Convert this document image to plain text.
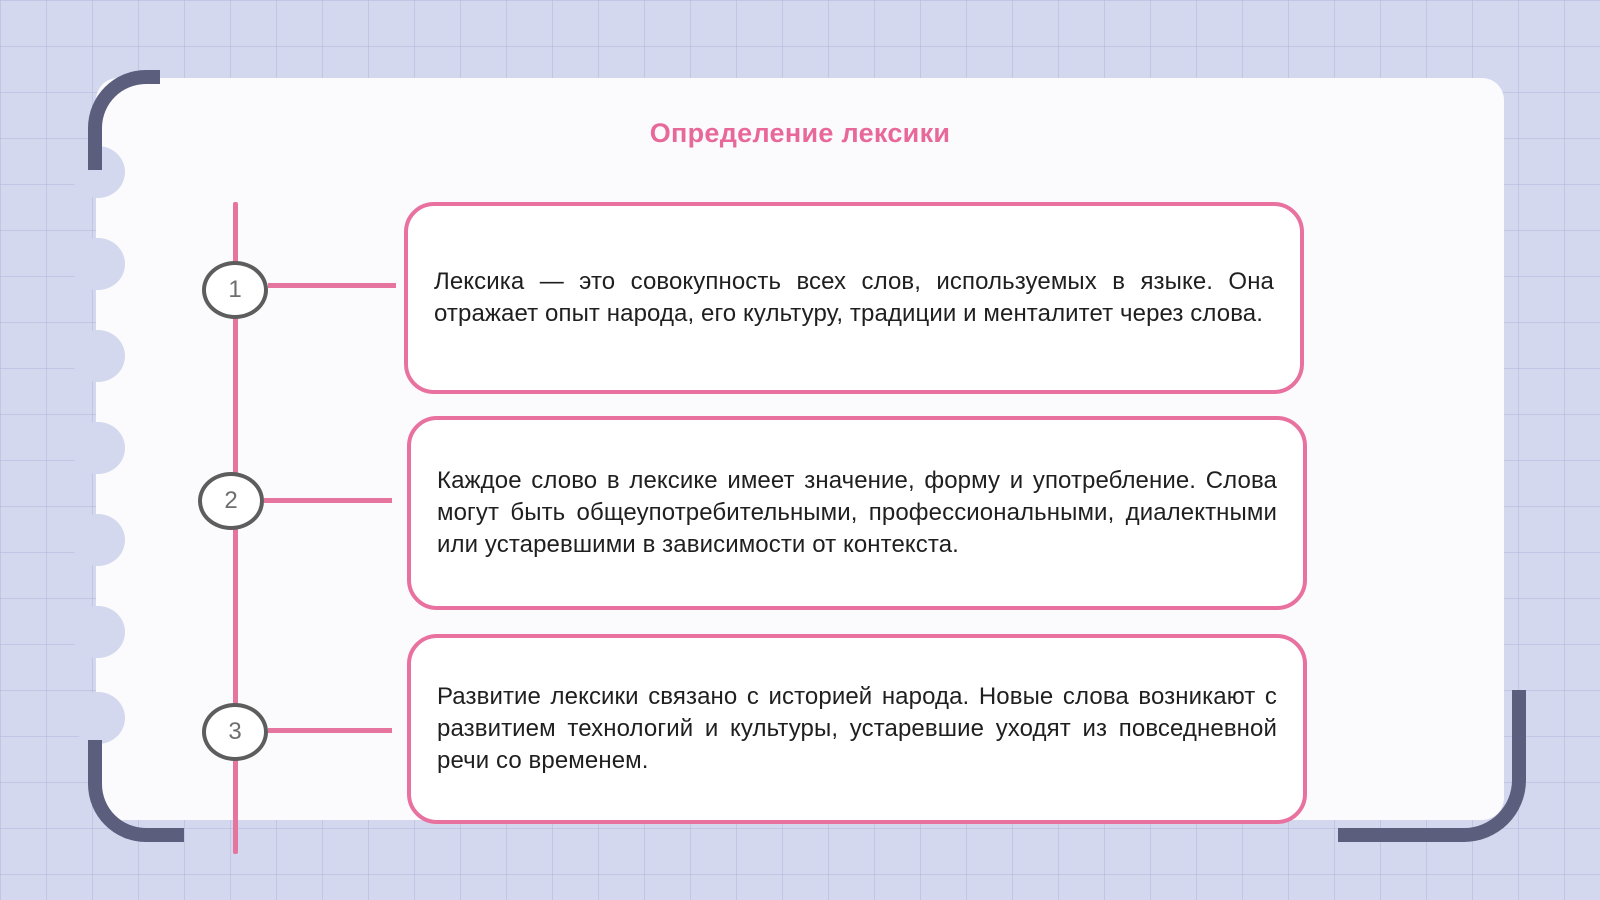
Определение лексики
1	Лексика — это совокупность всех слов, используемых в языке. Она отражает опыт народа, его культуру, традиции и менталитет через слова.
2
Каждое слово в лексике имеет значение, форму и употребление. Слова могут быть общеупотребительными, профессиональными, диалектными или устаревшими в зависимости от контекста.
3
Развитие лексики связано с историей народа. Новые слова возникают с развитием технологий и культуры, устаревшие уходят из повседневной речи со временем.
